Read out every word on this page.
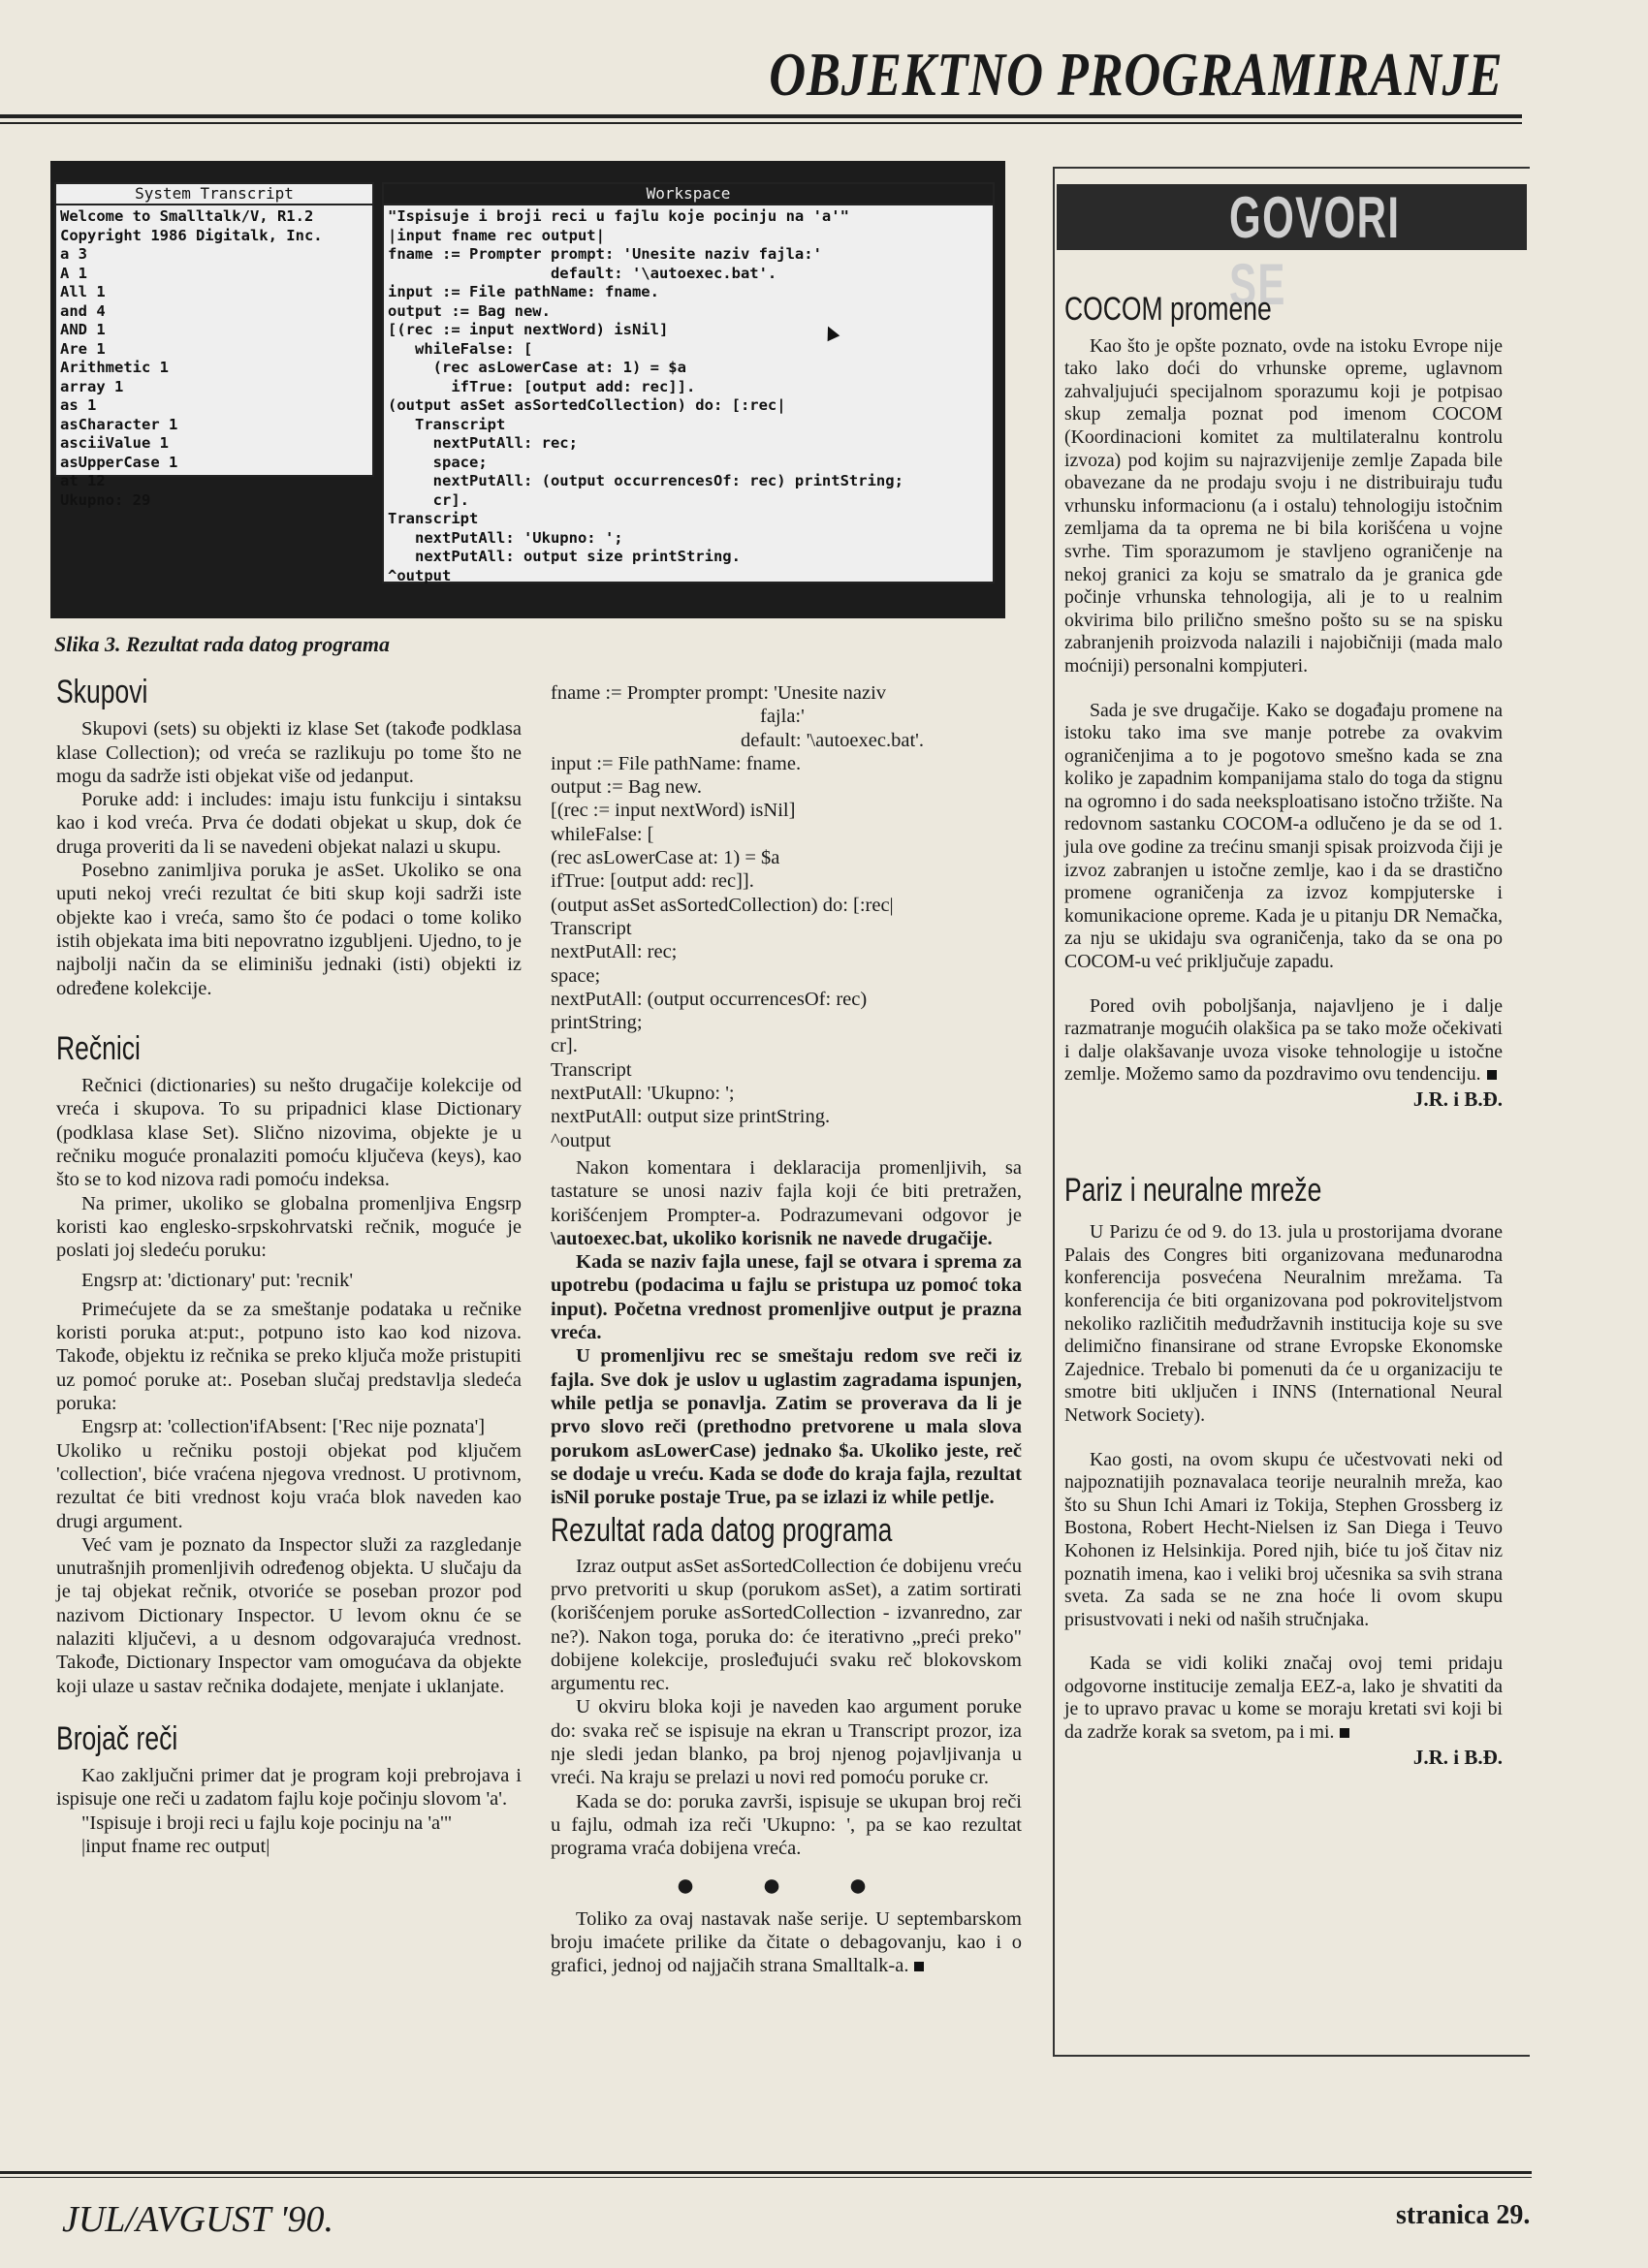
OBJEKTNO PROGRAMIRANJE
System Transcript
Welcome to Smalltalk/V, R1.2
Copyright 1986 Digitalk, Inc.
a 3
A 1
All 1
and 4
AND 1
Are 1
Arithmetic 1
array 1
as 1
asCharacter 1
asciiValue 1
asUpperCase 1
at 12
Ukupno: 29
Workspace
"Ispisuje i broji reci u fajlu koje pocinju na 'a'"
|input fname rec output|
fname := Prompter prompt: 'Unesite naziv fajla:'
default: '\autoexec.bat'.
input := File pathName: fname.
output := Bag new.
[(rec := input nextWord) isNil]
whileFalse: [
(rec asLowerCase at: 1) = $a
ifTrue: [output add: rec]].
(output asSet asSortedCollection) do: [:rec|
Transcript
nextPutAll: rec;
space;
nextPutAll: (output occurrencesOf: rec) printString;
cr].
Transcript
nextPutAll: 'Ukupno: ';
nextPutAll: output size printString.
^output
Slika 3. Rezultat rada datog programa
Skupovi

Skupovi (sets) su objekti iz klase Set (takođe podklasa klase Collection); od vreća se razlikuju po tome što ne mogu da sadrže isti objekat više od jedanput.

Poruke add: i includes: imaju istu funkciju i sintaksu kao i kod vreća. Prva će dodati objekat u skup, dok će druga proveriti da li se navedeni objekat nalazi u skupu.

Posebno zanimljiva poruka je asSet. Ukoliko se ona uputi nekoj vreći rezultat će biti skup koji sadrži iste objekte kao i vreća, samo što će podaci o tome koliko istih objekata ima biti nepovratno izgubljeni. Ujedno, to je najbolji način da se eliminišu jednaki (isti) objekti iz određene kolekcije.

Rečnici

Rečnici (dictionaries) su nešto drugačije kolekcije od vreća i skupova. To su pripadnici klase Dictionary (podklasa klase Set). Slično nizovima, objekte je u rečniku moguće pronalaziti pomoću ključeva (keys), kao što se to kod nizova radi pomoću indeksa.

Na primer, ukoliko se globalna promenljiva Engsrp koristi kao englesko-srpskohrvatski rečnik, moguće je poslati joj sledeću poruku:

Engsrp at: 'dictionary' put: 'recnik'

Primećujete da se za smeštanje podataka u rečnike koristi poruka at:put:, potpuno isto kao kod nizova. Takođe, objektu iz rečnika se preko ključa može pristupiti uz pomoć poruke at:. Poseban slučaj predstavlja sledeća poruka:

Engsrp at: 'collection'ifAbsent: ['Rec nije poznata']

Ukoliko u rečniku postoji objekat pod ključem 'collection', biće vraćena njegova vrednost. U protivnom, rezultat će biti vrednost koju vraća blok naveden kao drugi argument.

Već vam je poznato da Inspector služi za razgledanje unutrašnjih promenljivih određenog objekta. U slučaju da je taj objekat rečnik, otvoriće se poseban prozor pod nazivom Dictionary Inspector. U levom oknu će se nalaziti ključevi, a u desnom odgovarajuća vrednost. Takođe, Dictionary Inspector vam omogućava da objekte koji ulaze u sastav rečnika dodajete, menjate i uklanjate.

Brojač reči

Kao zaključni primer dat je program koji prebrojava i ispisuje one reči u zadatom fajlu koje počinju slovom 'a'.

"Ispisuje i broji reci u fajlu koje pocinju na 'a'"

|input fname rec output|

fname := Prompter prompt: 'Unesite naziv

fajla:'

default: '\autoexec.bat'.

input := File pathName: fname.

output := Bag new.

[(rec := input nextWord) isNil]

whileFalse: [

(rec asLowerCase at: 1) = $a

ifTrue: [output add: rec]].

(output asSet asSortedCollection) do: [:rec|

Transcript

nextPutAll: rec;

space;

nextPutAll: (output occurrencesOf: rec)

printString;

cr].

Transcript

nextPutAll: 'Ukupno: ';

nextPutAll: output size printString.

^output

Nakon komentara i deklaracija promenljivih, sa tastature se unosi naziv fajla koji će biti pretražen, korišćenjem Prompter-a. Podrazumevani odgovor je \autoexec.bat, ukoliko korisnik ne navede drugačije.

Kada se naziv fajla unese, fajl se otvara i sprema za upotrebu (podacima u fajlu se pristupa uz pomoć toka input). Početna vrednost promenljive output je prazna vreća.

U promenljivu rec se smeštaju redom sve reči iz fajla. Sve dok je uslov u uglastim zagradama ispunjen, while petlja se ponavlja. Zatim se proverava da li je prvo slovo reči (prethodno pretvorene u mala slova porukom asLowerCase) jednako $a. Ukoliko jeste, reč se dodaje u vreću. Kada se dođe do kraja fajla, rezultat isNil poruke postaje True, pa se izlazi iz while petlje.

Rezultat rada datog programa

Izraz output asSet asSortedCollection će dobijenu vreću prvo pretvoriti u skup (porukom asSet), a zatim sortirati (korišćenjem poruke asSortedCollection - izvanredno, zar ne?). Nakon toga, poruka do: će iterativno „preći preko" dobijene kolekcije, prosleđujući svaku reč blokovskom argumentu rec.

U okviru bloka koji je naveden kao argument poruke do: svaka reč se ispisuje na ekran u Transcript prozor, iza nje sledi jedan blanko, pa broj njenog pojavljivanja u vreći. Na kraju se prelazi u novi red pomoću poruke cr.

Kada se do: poruka završi, ispisuje se ukupan broj reči u fajlu, odmah iza reči 'Ukupno: ', pa se kao rezultat programa vraća dobijena vreća.

● ● ●

Toliko za ovaj nastavak naše serije. U septembarskom broju imaćete prilike da čitate o debagovanju, kao i o grafici, jednoj od najjačih strana Smalltalk-a.

GOVORI SE
COCOM promene

Kao što je opšte poznato, ovde na istoku Evrope nije tako lako doći do vrhunske opreme, uglavnom zahvaljujući specijalnom sporazumu koji je potpisao skup zemalja poznat pod imenom COCOM (Koordinacioni komitet za multilateralnu kontrolu izvoza) pod kojim su najrazvijenije zemlje Zapada bile obavezane da ne prodaju svoju i ne distribuiraju tuđu vrhunsku informacionu (a i ostalu) tehnologiju istočnim zemljama da ta oprema ne bi bila korišćena u vojne svrhe. Tim sporazumom je stavljeno ograničenje na nekoj granici za koju se smatralo da je granica gde počinje vrhunska tehnologija, ali je to u realnim okvirima bilo prilično smešno pošto su se na spisku zabranjenih proizvoda nalazili i najobičniji (mada malo moćniji) personalni kompjuteri.

Sada je sve drugačije. Kako se događaju promene na istoku tako ima sve manje potrebe za ovakvim ograničenjima a to je pogotovo smešno kada se zna koliko je zapadnim kompanijama stalo do toga da stignu na ogromno i do sada neeksploatisano istočno tržište. Na redovnom sastanku COCOM-a odlučeno je da se od 1. jula ove godine za trećinu smanji spisak proizvoda čiji je izvoz zabranjen u istočne zemlje, kao i da se drastično promene ograničenja za izvoz kompjuterske i komunikacione opreme. Kada je u pitanju DR Nemačka, za nju se ukidaju sva ograničenja, tako da se ona po COCOM-u već priključuje zapadu.

Pored ovih poboljšanja, najavljeno je i dalje razmatranje mogućih olakšica pa se tako može očekivati i dalje olakšavanje uvoza visoke tehnologije u istočne zemlje. Možemo samo da pozdravimo ovu tendenciju.

J.R. i B.Đ.
Pariz i neuralne mreže

U Parizu će od 9. do 13. jula u prostorijama dvorane Palais des Congres biti organizovana međunarodna konferencija posvećena Neuralnim mrežama. Ta konferencija će biti organizovana pod pokroviteljstvom nekoliko različitih međudržavnih institucija koje su sve delimično finansirane od strane Evropske Ekonomske Zajednice. Trebalo bi pomenuti da će u organizaciju te smotre biti uključen i INNS (International Neural Network Society).

Kao gosti, na ovom skupu će učestvovati neki od najpoznatijih poznavalaca teorije neuralnih mreža, kao što su Shun Ichi Amari iz Tokija, Stephen Grossberg iz Bostona, Robert Hecht-Nielsen iz San Diega i Teuvo Kohonen iz Helsinkija. Pored njih, biće tu još čitav niz poznatih imena, kao i veliki broj učesnika sa svih strana sveta. Za sada se ne zna hoće li ovom skupu prisustvovati i neki od naših stručnjaka.

Kada se vidi koliki značaj ovoj temi pridaju odgovorne institucije zemalja EEZ-a, lako je shvatiti da je to upravo pravac u kome se moraju kretati svi koji bi da zadrže korak sa svetom, pa i mi.

J.R. i B.Đ.
JUL/AVGUST '90.	stranica 29.
